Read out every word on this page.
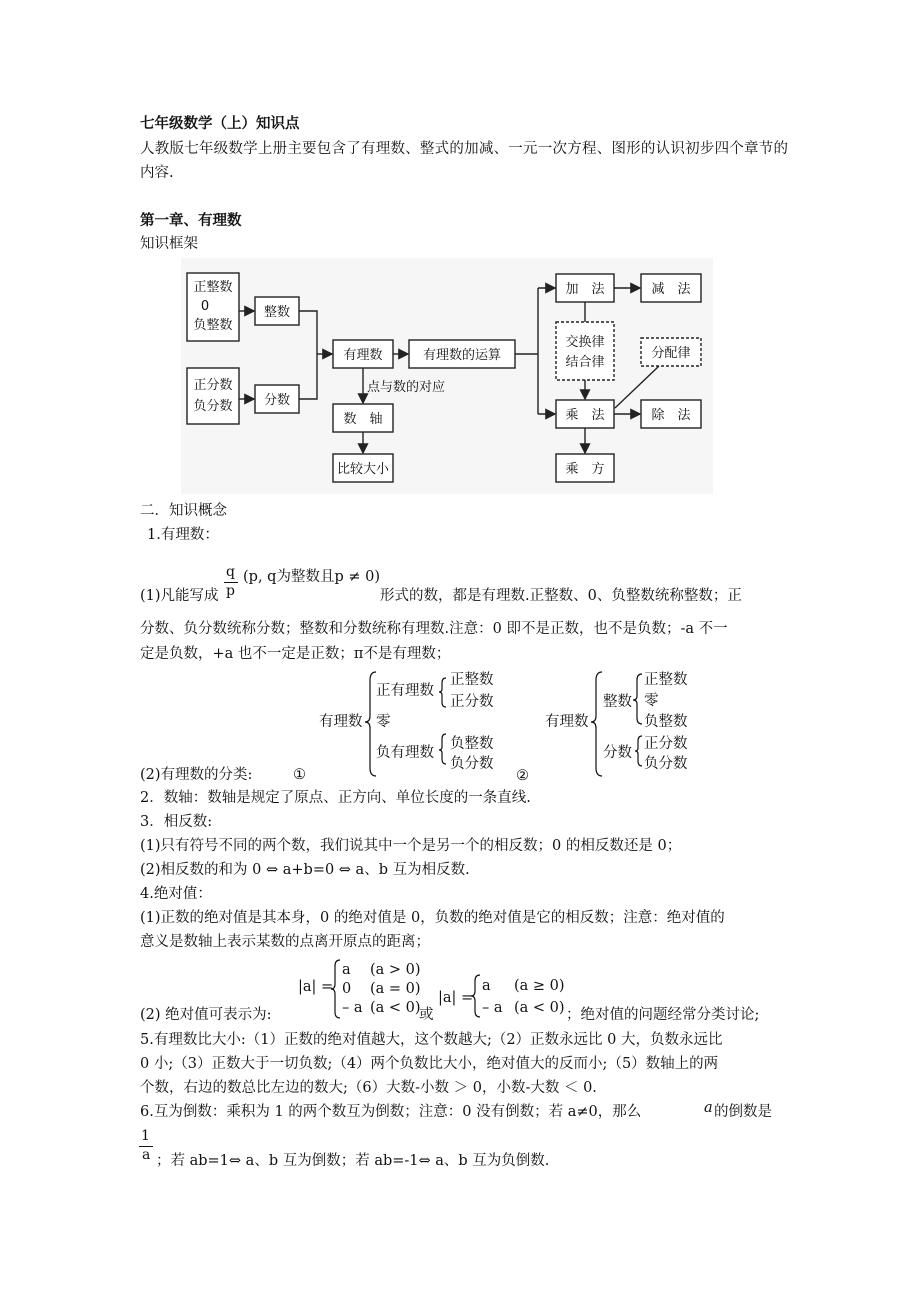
七年级数学（上）知识点
人教版七年级数学上册主要包含了有理数、整式的加减、一元一次方程、图形的认识初步四个章节的内容.
第一章、有理数
知识框架
正整数
0
负整数
正分数
负分数
整数
分数
有理数	有理数的运算
点与数的对应
数　轴
比较大小
加　法	减　法
乘　法	除　法
乘　方
交换律
结合律
分配律
二．知识概念
1.有理数：
q
p
(p, q为整数且p ≠ 0)
(1)凡能写成	形式的数，都是有理数.正整数、0、负整数统称整数；正
分数、负分数统称分数；整数和分数统称有理数.注意：0 即不是正数，也不是负数；-a 不一
定是负数，+a 也不一定是正数；π不是有理数；
有理数
正有理数
正整数
正分数
零
负有理数
负整数
负分数
有理数
整数
正整数
零
负整数
分数
正分数
负分数
(2)有理数的分类:	①	②
2．数轴：数轴是规定了原点、正方向、单位长度的一条直线.
3．相反数:
(1)只有符号不同的两个数，我们说其中一个是另一个的相反数；0 的相反数还是 0；
(2)相反数的和为 0 ⇔ a+b=0 ⇔ a、b 互为相反数.
4.绝对值：
(1)正数的绝对值是其本身，0 的绝对值是 0，负数的绝对值是它的相反数；注意：绝对值的
意义是数轴上表示某数的点离开原点的距离；
|a| =
a (a > 0)
0 (a = 0)
– a (a < 0)
或
|a| =
a (a ≥ 0)
– a (a < 0)
(2) 绝对值可表示为:	；绝对值的问题经常分类讨论;
5.有理数比大小:（1）正数的绝对值越大，这个数越大;（2）正数永远比 0 大，负数永远比
0 小;（3）正数大于一切负数;（4）两个负数比大小，绝对值大的反而小;（5）数轴上的两
个数，右边的数总比左边的数大;（6）大数-小数 ＞ 0，小数-大数 ＜ 0.
6.互为倒数：乘积为 1 的两个数互为倒数；注意：0 没有倒数；若 a≠0，那么	a 的倒数是
1
a ；若 ab=1⇔ a、b 互为倒数；若 ab=-1⇔ a、b 互为负倒数.
